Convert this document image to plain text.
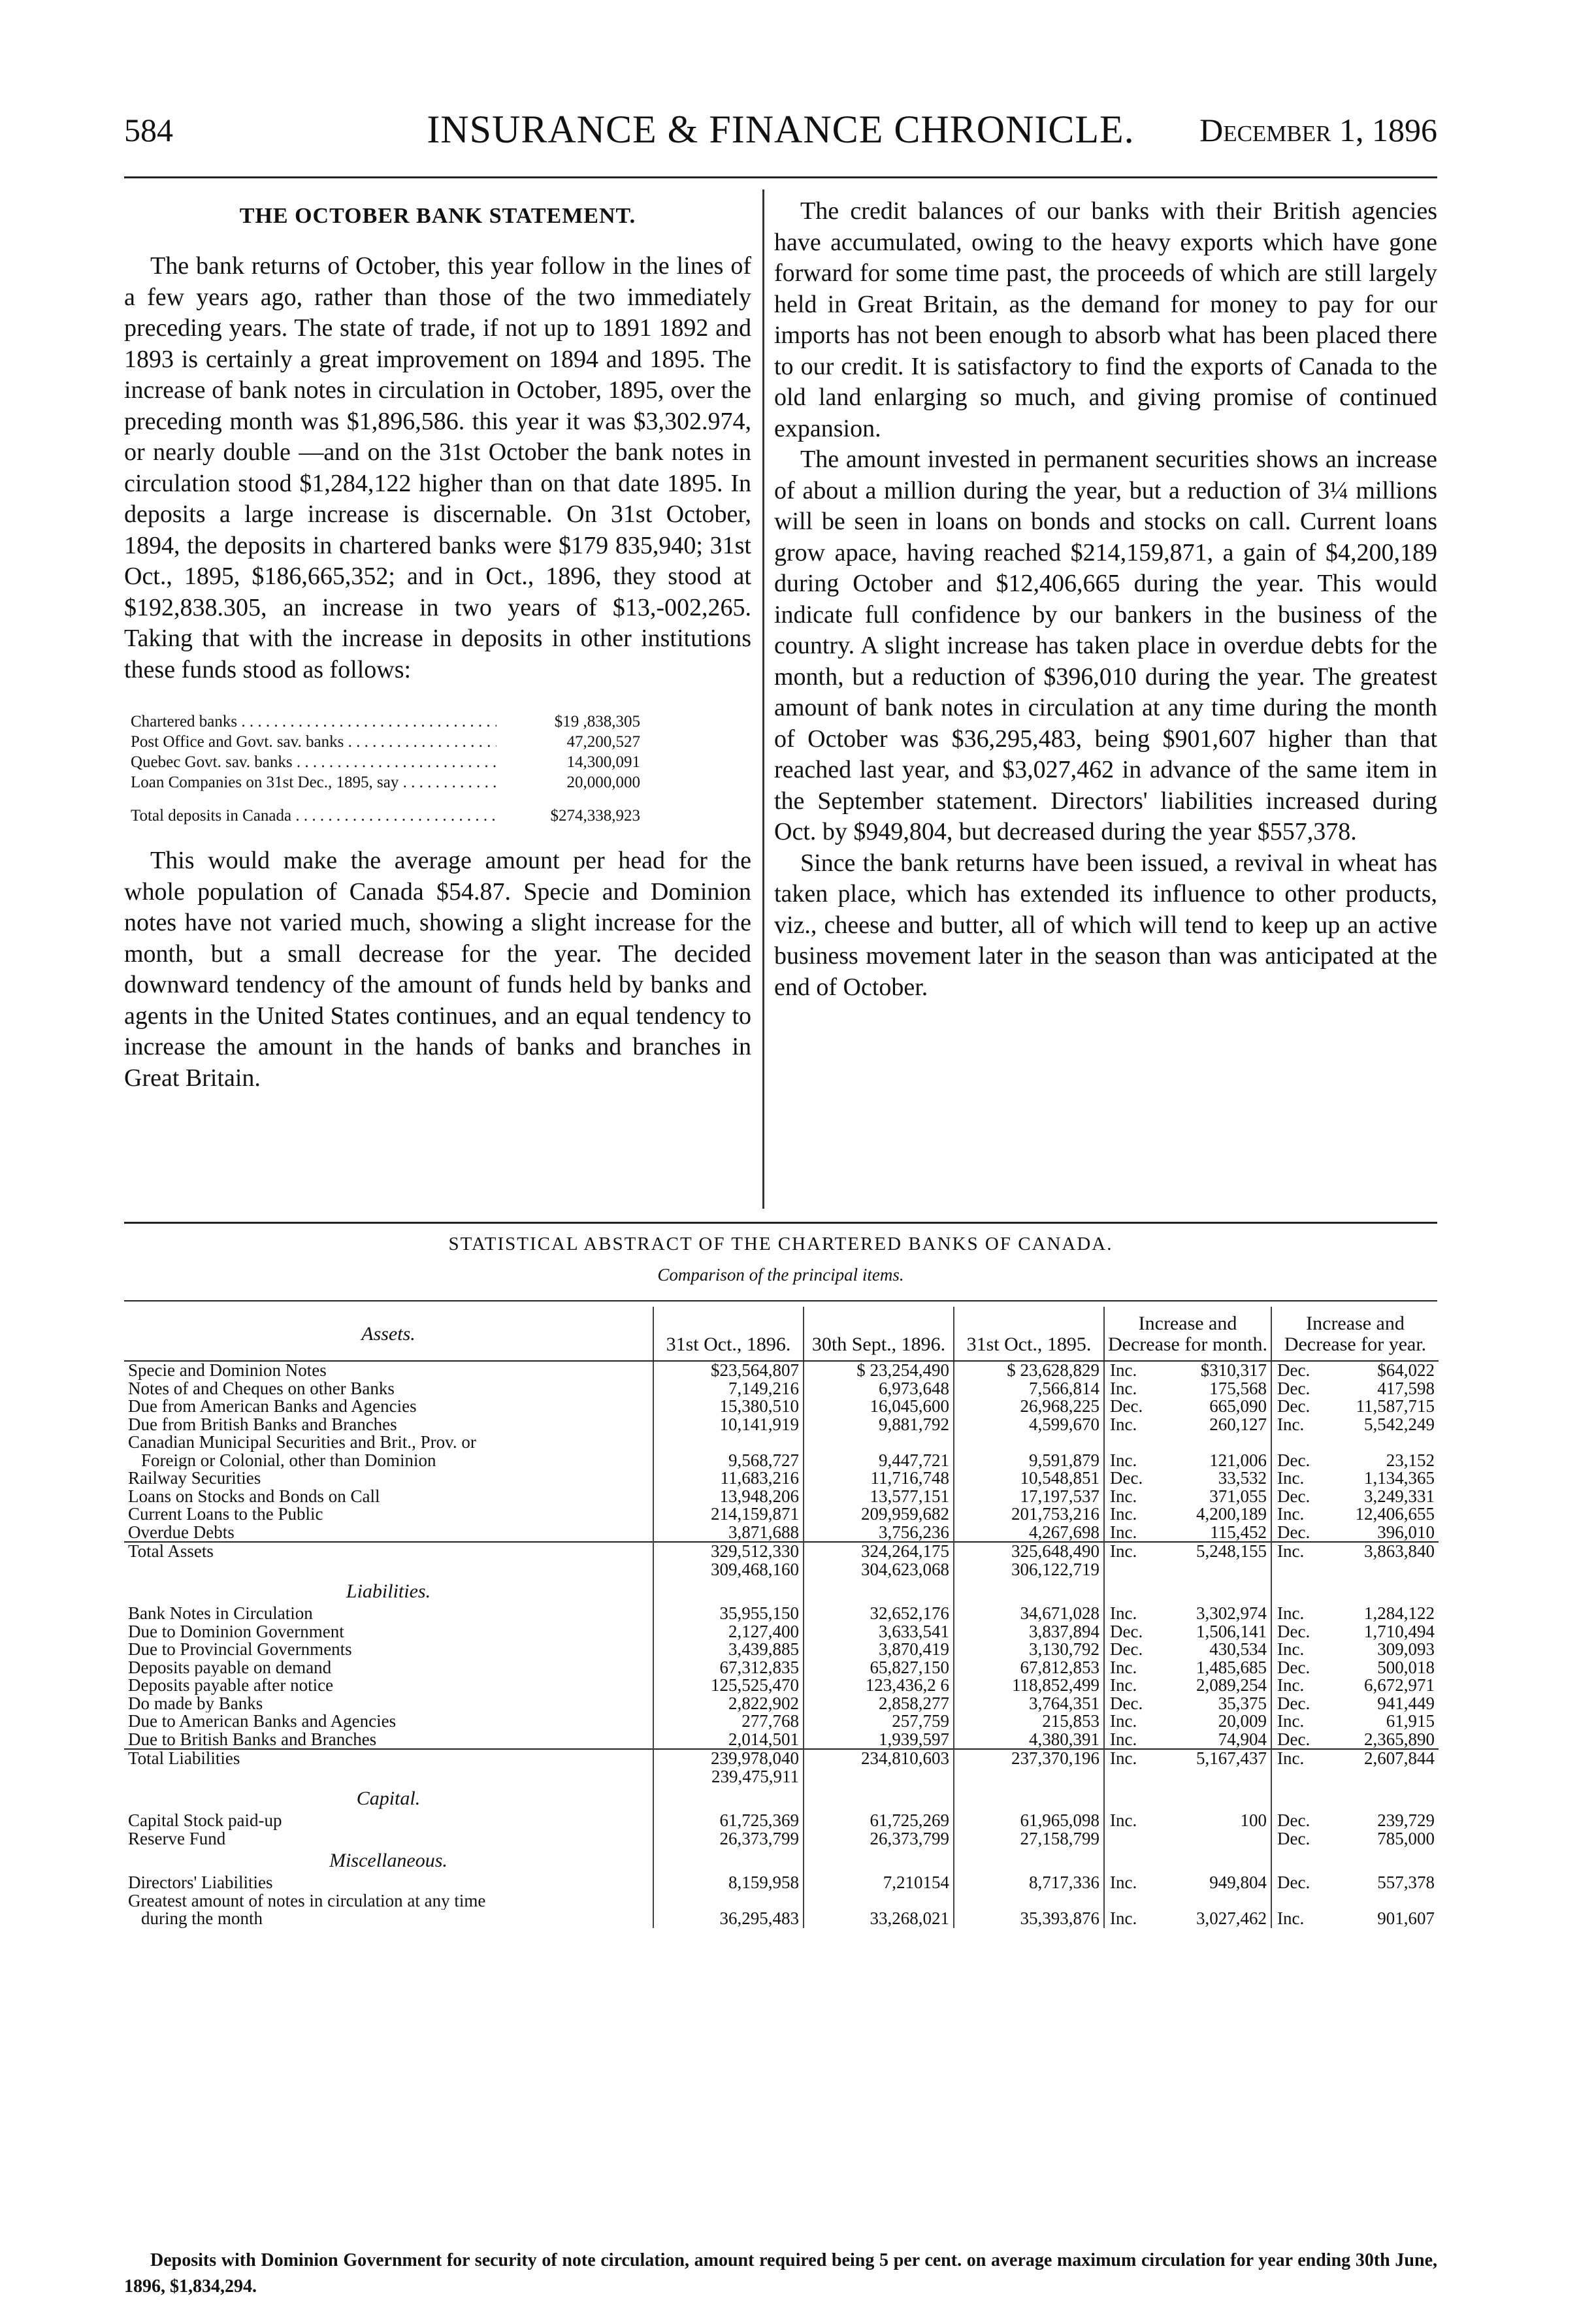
584	INSURANCE & FINANCE CHRONICLE.	December 1, 1896
THE OCTOBER BANK STATEMENT.

The bank returns of October, this year follow in the lines of a few years ago, rather than those of the two immediately preceding years. The state of trade, if not up to 1891 1892 and 1893 is certainly a great improvement on 1894 and 1895. The increase of bank notes in circulation in October, 1895, over the preceding month was $1,896,586. this year it was $3,302.974, or nearly double —and on the 31st October the bank notes in circulation stood $1,284,122 higher than on that date 1895. In deposits a large increase is discernable. On 31st October, 1894, the deposits in chartered banks were $179 835,940; 31st Oct., 1895, $186,665,352; and in Oct., 1896, they stood at $192,838.305, an increase in two years of $13,-002,265. Taking that with the increase in deposits in other institutions these funds stood as follows:

Chartered banks . . .	$19 ,838,305
Post Office and Govt. sav. banks . . .	47,200,527
Quebec Govt. sav. banks . . .	14,300,091
Loan Companies on 31st Dec., 1895, say . . .	20,000,000
Total deposits in Canada . . .	$274,338,923

This would make the average amount per head for the whole population of Canada $54.87. Specie and Dominion notes have not varied much, showing a slight increase for the month, but a small decrease for the year. The decided downward tendency of the amount of funds held by banks and agents in the United States continues, and an equal tendency to increase the amount in the hands of banks and branches in Great Britain.

The credit balances of our banks with their British agencies have accumulated, owing to the heavy exports which have gone forward for some time past, the proceeds of which are still largely held in Great Britain, as the demand for money to pay for our imports has not been enough to absorb what has been placed there to our credit. It is satisfactory to find the exports of Canada to the old land enlarging so much, and giving promise of continued expansion.

The amount invested in permanent securities shows an increase of about a million during the year, but a reduction of 3¼ millions will be seen in loans on bonds and stocks on call. Current loans grow apace, having reached $214,159,871, a gain of $4,200,189 during October and $12,406,665 during the year. This would indicate full confidence by our bankers in the business of the country. A slight increase has taken place in overdue debts for the month, but a reduction of $396,010 during the year. The greatest amount of bank notes in circulation at any time during the month of October was $36,295,483, being $901,607 higher than that reached last year, and $3,027,462 in advance of the same item in the September statement. Directors' liabilities increased during Oct. by $949,804, but decreased during the year $557,378.

Since the bank returns have been issued, a revival in wheat has taken place, which has extended its influence to other products, viz., cheese and butter, all of which will tend to keep up an active business movement later in the season than was anticipated at the end of October.

STATISTICAL ABSTRACT OF THE CHARTERED BANKS OF CANADA.
Comparison of the principal items.
Assets.	31st Oct., 1896.	30th Sept., 1896.	31st Oct., 1895.	Increase and Decrease for month.		Increase and Decrease for year.	
Specie and Dominion Notes	$23,564,807	$ 23,254,490	$ 23,628,829	Inc.	$310,317	Dec.	$64,022
Notes of and Cheques on other Banks	7,149,216	6,973,648	7,566,814	Inc.	175,568	Dec.	417,598
Due from American Banks and Agencies	15,380,510	16,045,600	26,968,225	Dec.	665,090	Dec.	11,587,715
Due from British Banks and Branches	10,141,919	9,881,792	4,599,670	Inc.	260,127	Inc.	5,542,249
Canadian Municipal Securities and Brit., Prov. or							
Foreign or Colonial, other than Dominion	9,568,727	9,447,721	9,591,879	Inc.	121,006	Dec.	23,152
Railway Securities	11,683,216	11,716,748	10,548,851	Dec.	33,532	Inc.	1,134,365
Loans on Stocks and Bonds on Call	13,948,206	13,577,151	17,197,537	Inc.	371,055	Dec.	3,249,331
Current Loans to the Public	214,159,871	209,959,682	201,753,216	Inc.	4,200,189	Inc.	12,406,655
Overdue Debts	3,871,688	3,756,236	4,267,698	Inc.	115,452	Dec.	396,010
Total Assets	329,512,330	324,264,175	325,648,490	Inc.	5,248,155	Inc.	3,863,840
	309,468,160	304,623,068	306,122,719				
Liabilities.							
Bank Notes in Circulation	35,955,150	32,652,176	34,671,028	Inc.	3,302,974	Inc.	1,284,122
Due to Dominion Government	2,127,400	3,633,541	3,837,894	Dec.	1,506,141	Dec.	1,710,494
Due to Provincial Governments	3,439,885	3,870,419	3,130,792	Dec.	430,534	Inc.	309,093
Deposits payable on demand	67,312,835	65,827,150	67,812,853	Inc.	1,485,685	Dec.	500,018
Deposits payable after notice	125,525,470	123,436,2 6	118,852,499	Inc.	2,089,254	Inc.	6,672,971
Do made by Banks	2,822,902	2,858,277	3,764,351	Dec.	35,375	Dec.	941,449
Due to American Banks and Agencies	277,768	257,759	215,853	Inc.	20,009	Inc.	61,915
Due to British Banks and Branches	2,014,501	1,939,597	4,380,391	Inc.	74,904	Dec.	2,365,890
Total Liabilities	239,978,040	234,810,603	237,370,196	Inc.	5,167,437	Inc.	2,607,844
	239,475,911						
Capital.							
Capital Stock paid-up	61,725,369	61,725,269	61,965,098	Inc.	100	Dec.	239,729
Reserve Fund	26,373,799	26,373,799	27,158,799			Dec.	785,000
Miscellaneous.							
Directors' Liabilities	8,159,958	7,210154	8,717,336	Inc.	949,804	Dec.	557,378
Greatest amount of notes in circulation at any time							
during the month	36,295,483	33,268,021	35,393,876	Inc.	3,027,462	Inc.	901,607
Deposits with Dominion Government for security of note circulation, amount required being 5 per cent. on average maximum circulation for year ending 30th June, 1896, $1,834,294.
